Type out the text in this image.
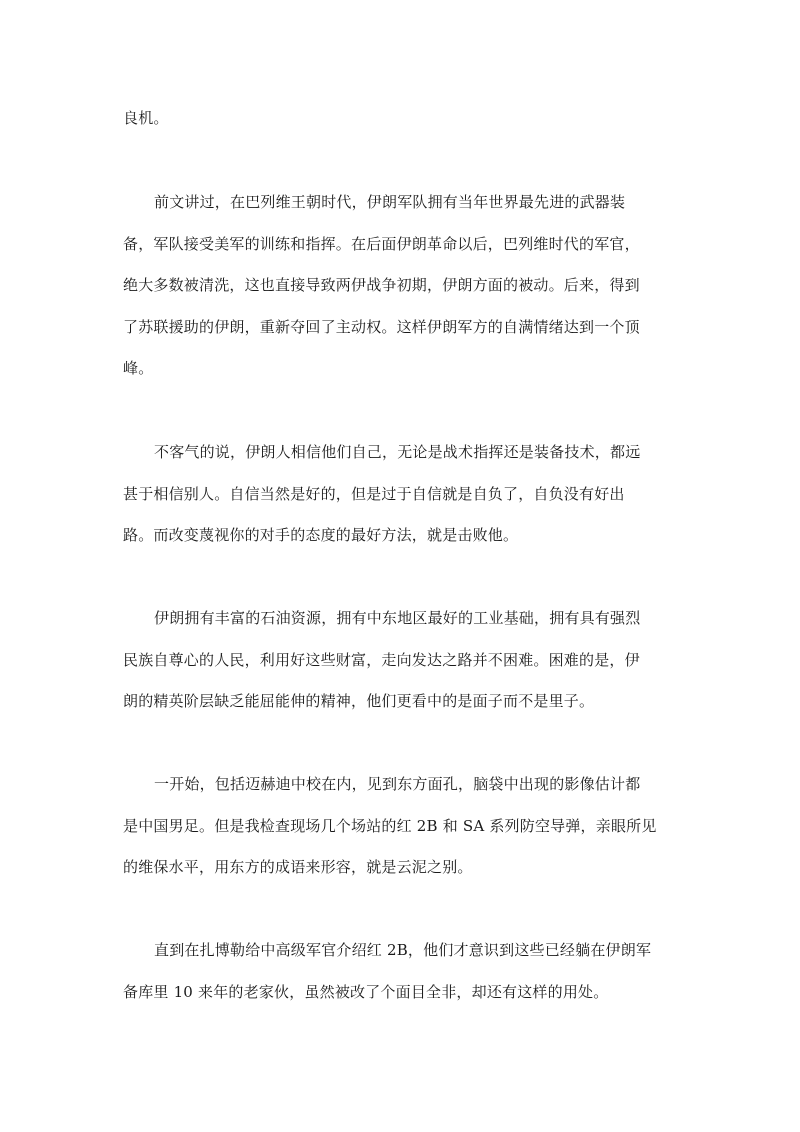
良机。
前文讲过，在巴列维王朝时代，伊朗军队拥有当年世界最先进的武器装
备，军队接受美军的训练和指挥。在后面伊朗革命以后，巴列维时代的军官，
绝大多数被清洗，这也直接导致两伊战争初期，伊朗方面的被动。后来，得到
了苏联援助的伊朗，重新夺回了主动权。这样伊朗军方的自满情绪达到一个顶
峰。
不客气的说，伊朗人相信他们自己，无论是战术指挥还是装备技术，都远
甚于相信别人。自信当然是好的，但是过于自信就是自负了，自负没有好出
路。而改变蔑视你的对手的态度的最好方法，就是击败他。
伊朗拥有丰富的石油资源，拥有中东地区最好的工业基础，拥有具有强烈
民族自尊心的人民，利用好这些财富，走向发达之路并不困难。困难的是，伊
朗的精英阶层缺乏能屈能伸的精神，他们更看中的是面子而不是里子。
一开始，包括迈赫迪中校在内，见到东方面孔，脑袋中出现的影像估计都
是中国男足。但是我检查现场几个场站的红 2B 和 SA 系列防空导弹，亲眼所见
的维保水平，用东方的成语来形容，就是云泥之别。
直到在扎博勒给中高级军官介绍红 2B，他们才意识到这些已经躺在伊朗军
备库里 10 来年的老家伙，虽然被改了个面目全非，却还有这样的用处。
